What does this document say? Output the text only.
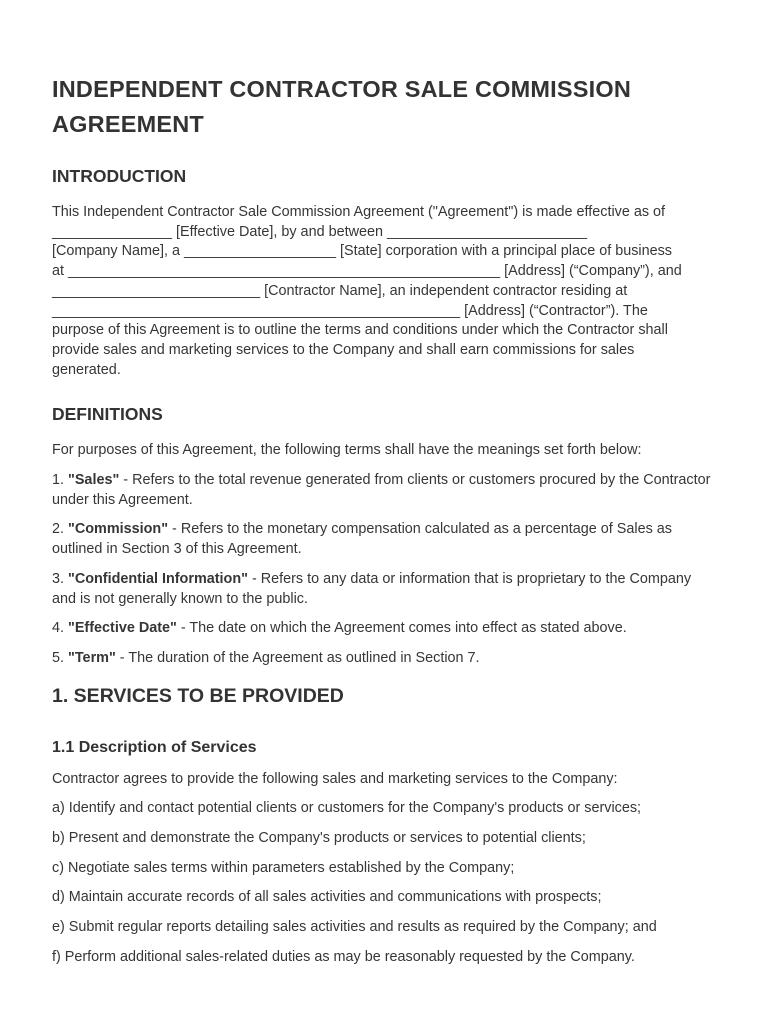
INDEPENDENT CONTRACTOR SALE COMMISSION AGREEMENT
INTRODUCTION
This Independent Contractor Sale Commission Agreement ("Agreement") is made effective as of
_______________ [Effective Date], by and between _________________________
[Company Name], a ___________________ [State] corporation with a principal place of business
at ______________________________________________________ [Address] (“Company”), and
__________________________ [Contractor Name], an independent contractor residing at
___________________________________________________ [Address] (“Contractor”). The
purpose of this Agreement is to outline the terms and conditions under which the Contractor shall
provide sales and marketing services to the Company and shall earn commissions for sales
generated.
DEFINITIONS

For purposes of this Agreement, the following terms shall have the meanings set forth below:

1. "Sales" - Refers to the total revenue generated from clients or customers procured by the Contractor under this Agreement.

2. "Commission" - Refers to the monetary compensation calculated as a percentage of Sales as outlined in Section 3 of this Agreement.

3. "Confidential Information" - Refers to any data or information that is proprietary to the Company and is not generally known to the public.

4. "Effective Date" - The date on which the Agreement comes into effect as stated above.

5. "Term" - The duration of the Agreement as outlined in Section 7.

1. SERVICES TO BE PROVIDED
1.1 Description of Services

Contractor agrees to provide the following sales and marketing services to the Company:

a) Identify and contact potential clients or customers for the Company's products or services;

b) Present and demonstrate the Company's products or services to potential clients;

c) Negotiate sales terms within parameters established by the Company;

d) Maintain accurate records of all sales activities and communications with prospects;

e) Submit regular reports detailing sales activities and results as required by the Company; and

f) Perform additional sales-related duties as may be reasonably requested by the Company.
